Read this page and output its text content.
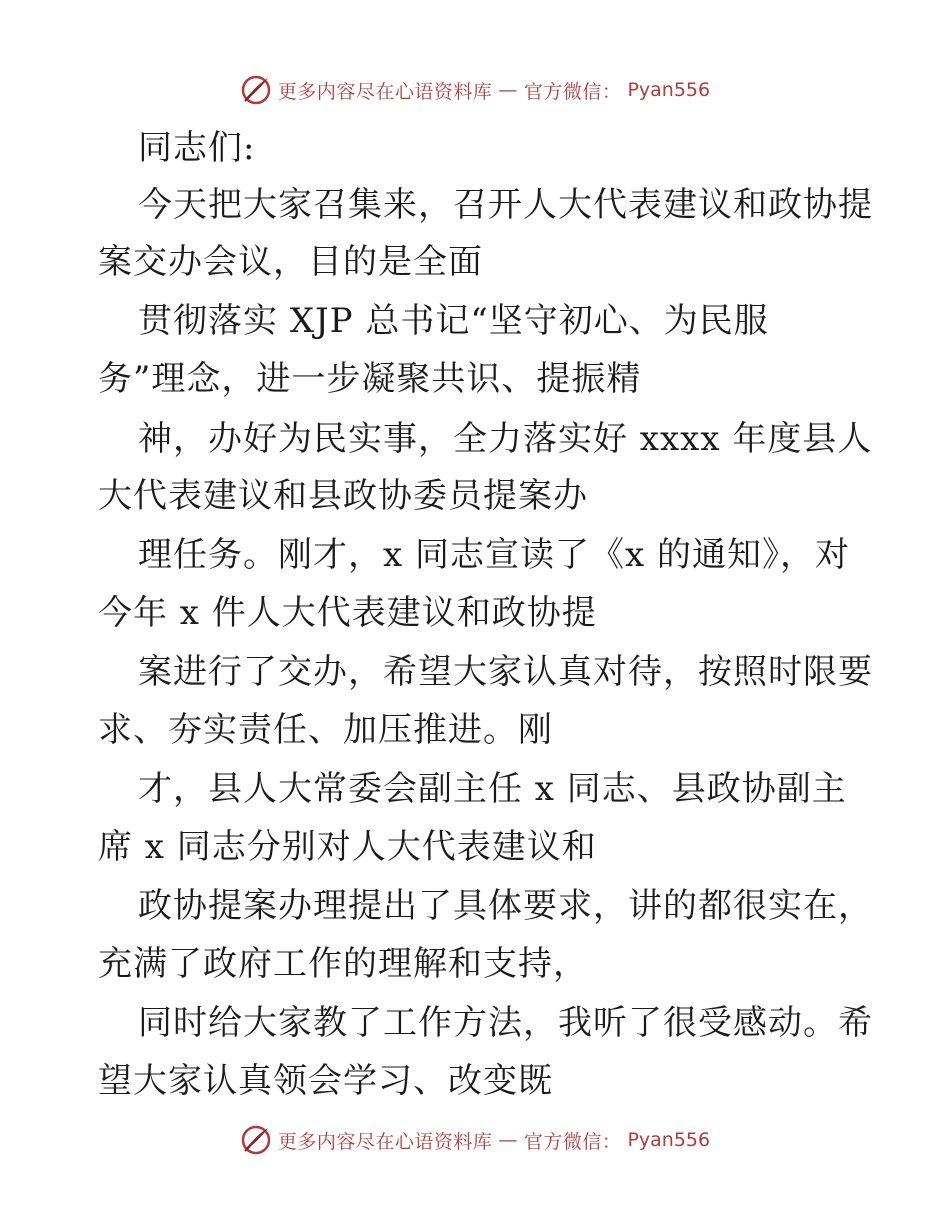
更多内容尽在心语资料库 — 官方微信： Pyan556
同志们:
今天把大家召集来，召开人大代表建议和政协提
案交办会议，目的是全面
贯彻落实 XJP 总书记“坚守初心、为民服
务”理念，进一步凝聚共识、提振精
神，办好为民实事，全力落实好 xxxx 年度县人
大代表建议和县政协委员提案办
理任务。刚才，x 同志宣读了《x 的通知》，对
今年 x 件人大代表建议和政协提
案进行了交办，希望大家认真对待，按照时限要
求、夯实责任、加压推进。刚
才，县人大常委会副主任 x 同志、县政协副主
席 x 同志分别对人大代表建议和
政协提案办理提出了具体要求，讲的都很实在，
充满了政府工作的理解和支持，
同时给大家教了工作方法，我听了很受感动。希
望大家认真领会学习、改变既
更多内容尽在心语资料库 — 官方微信： Pyan556
